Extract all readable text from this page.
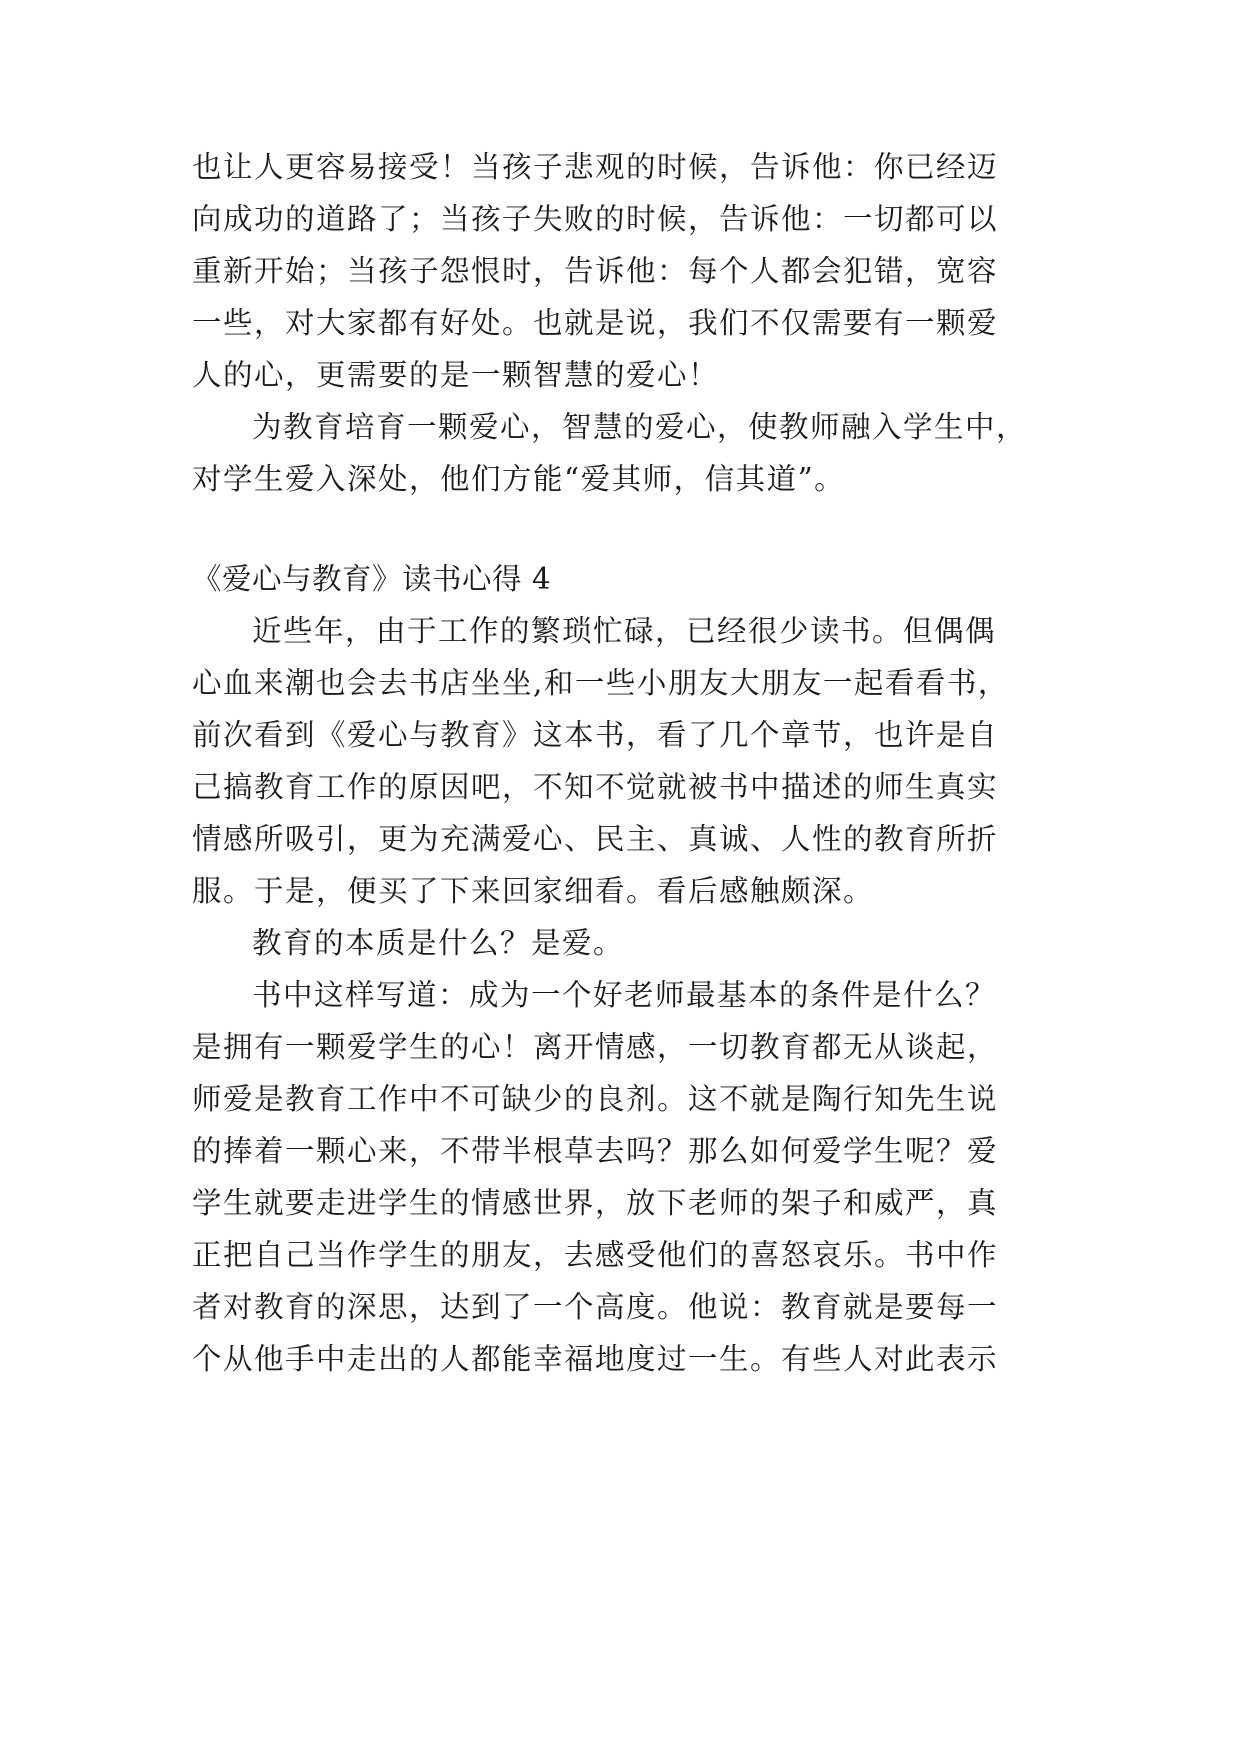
也让人更容易接受！当孩子悲观的时候，告诉他：你已经迈
向成功的道路了；当孩子失败的时候，告诉他：一切都可以
重新开始；当孩子怨恨时，告诉他：每个人都会犯错，宽容
一些，对大家都有好处。也就是说，我们不仅需要有一颗爱
人的心，更需要的是一颗智慧的爱心！
为教育培育一颗爱心，智慧的爱心，使教师融入学生中，
对学生爱入深处，他们方能“爱其师，信其道”。
《爱心与教育》读书心得 4
近些年，由于工作的繁琐忙碌，已经很少读书。但偶偶
心血来潮也会去书店坐坐,和一些小朋友大朋友一起看看书，
前次看到《爱心与教育》这本书，看了几个章节，也许是自
己搞教育工作的原因吧，不知不觉就被书中描述的师生真实
情感所吸引，更为充满爱心、民主、真诚、人性的教育所折
服。于是，便买了下来回家细看。看后感触颇深。
教育的本质是什么？是爱。
书中这样写道：成为一个好老师最基本的条件是什么？
是拥有一颗爱学生的心！离开情感，一切教育都无从谈起，
师爱是教育工作中不可缺少的良剂。这不就是陶行知先生说
的捧着一颗心来，不带半根草去吗？那么如何爱学生呢？爱
学生就要走进学生的情感世界，放下老师的架子和威严，真
正把自己当作学生的朋友，去感受他们的喜怒哀乐。书中作
者对教育的深思，达到了一个高度。他说：教育就是要每一
个从他手中走出的人都能幸福地度过一生。有些人对此表示
